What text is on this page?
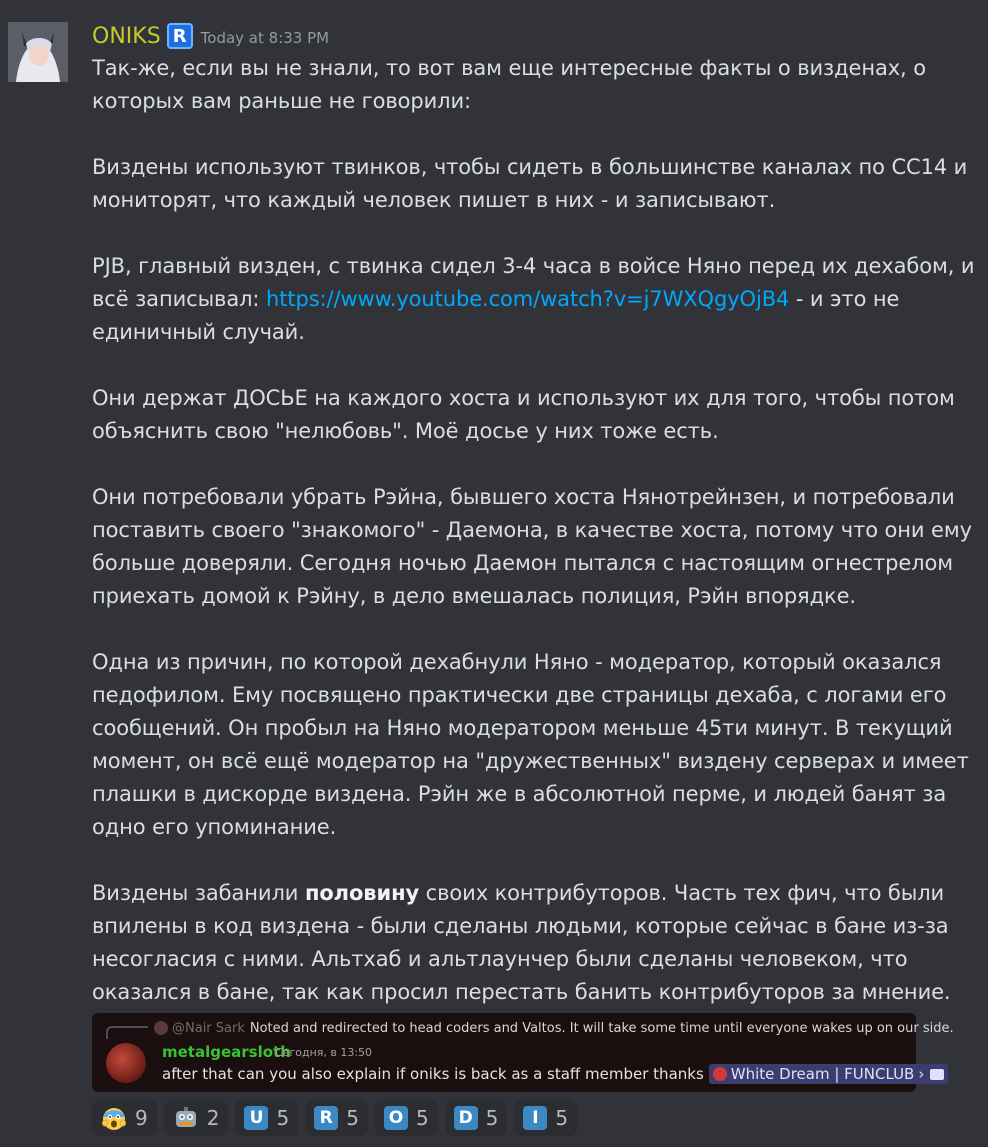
ONIKS R Today at 8:33 PM

Так-же, если вы не знали, то вот вам еще интересные факты о визденах, о которых вам раньше не говорили:

Виздены используют твинков, чтобы сидеть в большинстве каналах по СС14 и мониторят, что каждый человек пишет в них - и записывают.

PJB, главный визден, с твинка сидел 3-4 часа в войсе Няно перед их дехабом, и всё записывал: https://www.youtube.com/watch?v=j7WXQgyOjB4 - и это не единичный случай.

Они держат ДОСЬЕ на каждого хоста и используют их для того, чтобы потом объяснить свою "нелюбовь". Моё досье у них тоже есть.

Они потребовали убрать Рэйна, бывшего хоста Нянотрейнзен, и потребовали поставить своего "знакомого" - Даемона, в качестве хоста, потому что они ему больше доверяли. Сегодня ночью Даемон пытался с настоящим огнестрелом приехать домой к Рэйну, в дело вмешалась полиция, Рэйн впорядке.

Одна из причин, по которой дехабнули Няно - модератор, который оказался педофилом. Ему посвящено практически две страницы дехаба, с логами его сообщений. Он пробыл на Няно модератором меньше 45ти минут. В текущий момент, он всё ещё модератор на "дружественных" виздену серверах и имеет плашки в дискорде виздена. Рэйн же в абсолютной перме, и людей банят за одно его упоминание.

Виздены забанили половину своих контрибуторов. Часть тех фич, что были впилены в код виздена - были сделаны людьми, которые сейчас в бане из-за несогласия с ними. Альтхаб и альтлаунчер были сделаны человеком, что оказался в бане, так как просил перестать банить контрибуторов за мнение.

@Nair Sark Noted and redirected to head coders and Valtos. It will take some time until everyone wakes up on our side.
metalgearsloth
Сегодня, в 13:50
after that can you also explain if oniks is back as a staff member thanks White Dream | FUNCLUB ›
9	2 U 5	R 5 O 5 D 5	I 5
